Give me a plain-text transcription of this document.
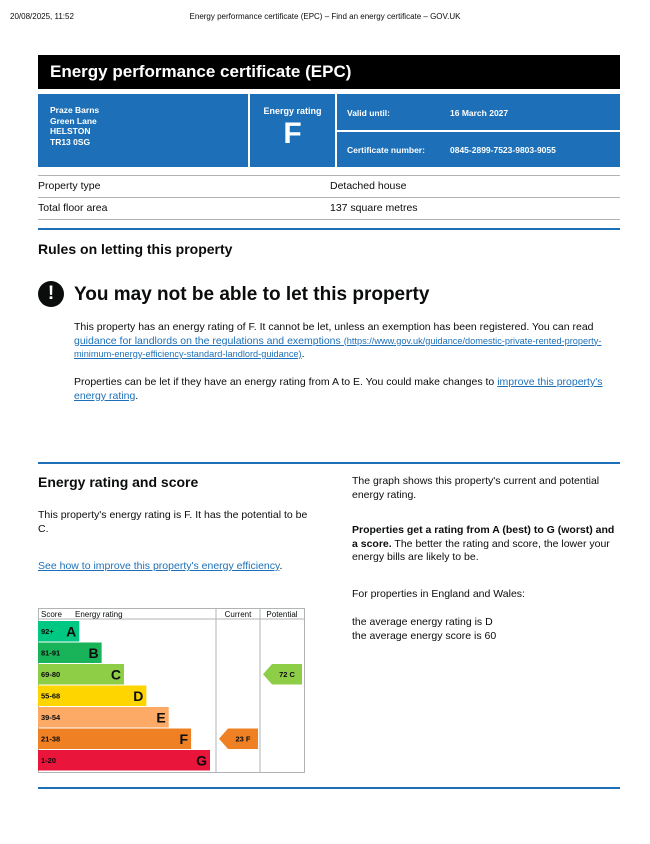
20/08/2025, 11:52	Energy performance certificate (EPC) – Find an energy certificate – GOV.UK
Energy performance certificate (EPC)
Praze Barns
Green Lane
HELSTON
TR13 0SG
Energy rating
F
Valid until:	16 March 2027
Certificate number:	0845-2899-7523-9803-9055
Property type	Detached house
Total floor area	137 square metres
Rules on letting this property
!	You may not be able to let this property
This property has an energy rating of F. It cannot be let, unless an exemption has been registered. You can read guidance for landlords on the regulations and exemptions (https://www.gov.uk/guidance/domestic-private-rented-property-minimum-energy-efficiency-standard-landlord-guidance).
Properties can be let if they have an energy rating from A to E. You could make changes to improve this property's energy rating.
Energy rating and score
This property's energy rating is F. It has the potential to be C.
See how to improve this property's energy efficiency.
The graph shows this property's current and potential energy rating.
Properties get a rating from A (best) to G (worst) and a score. The better the rating and score, the lower your energy bills are likely to be.
For properties in England and Wales:
the average energy rating is D
the average energy score is 60
Score Energy rating	Current Potential
92+ A
81-91 B
69-80	C
55-68	D
39-54	E
21-38	F
1-20	G
23 F
72 C
